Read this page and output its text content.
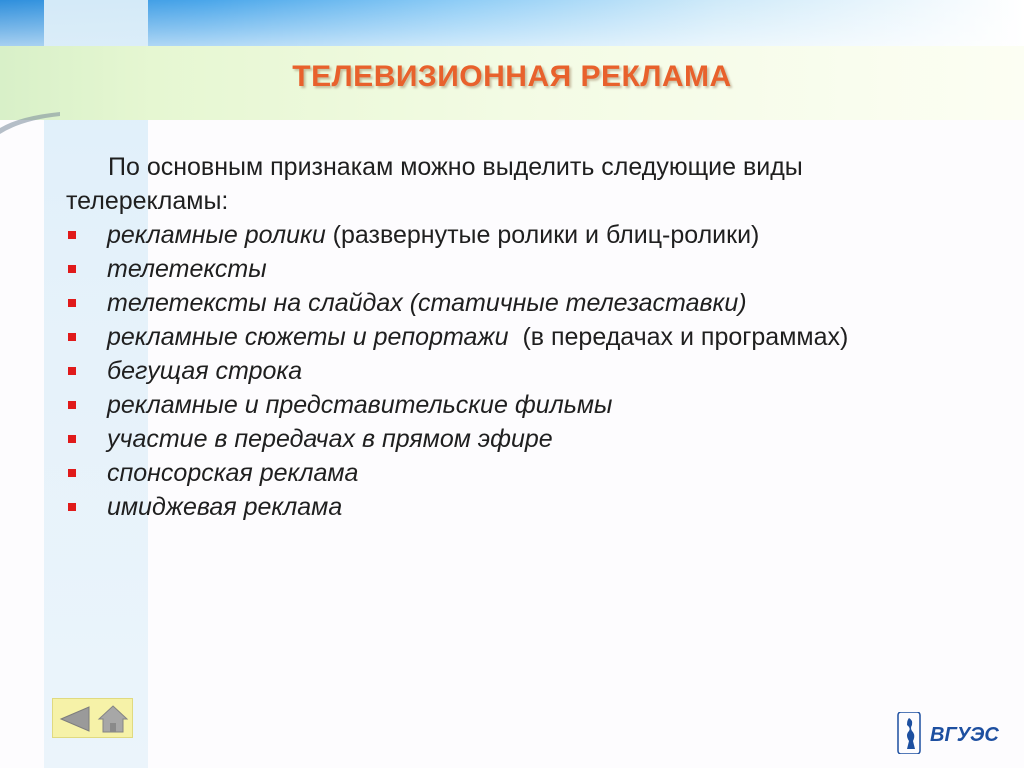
ТЕЛЕВИЗИОННАЯ РЕКЛАМА

По основным признакам можно выделить следующие виды телерекламы:

рекламные ролики (развернутые ролики и блиц-ролики)
телетексты
телетексты на слайдах (статичные телезаставки)
рекламные сюжеты и репортажи  (в передачах и программах)
бегущая строка
рекламные и представительские фильмы
участие в передачах в прямом эфире
спонсорская реклама
имиджевая реклама
ВГУЭС
